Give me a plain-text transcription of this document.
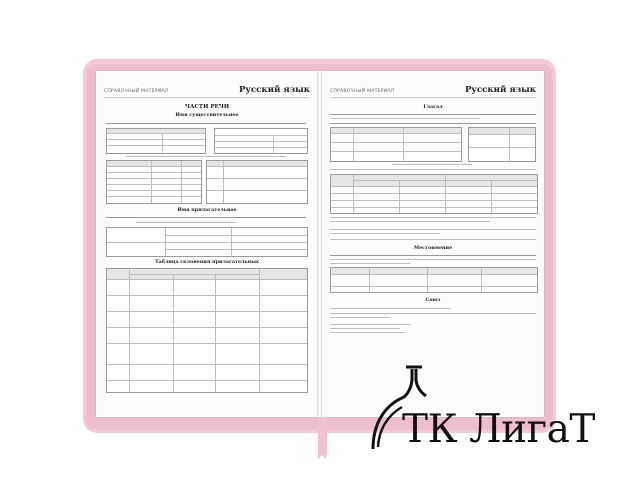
СПРАВОЧНЫЙ МАТЕРИАЛ	Русский язык
ЧАСТИ РЕЧИ
Имя существительное
Имя прилагательное
Таблица склонения прилагательных
СПРАВОЧНЫЙ МАТЕРИАЛ	Русский язык
Глагол
Местоимение
Союз
ТК ЛигаТ
